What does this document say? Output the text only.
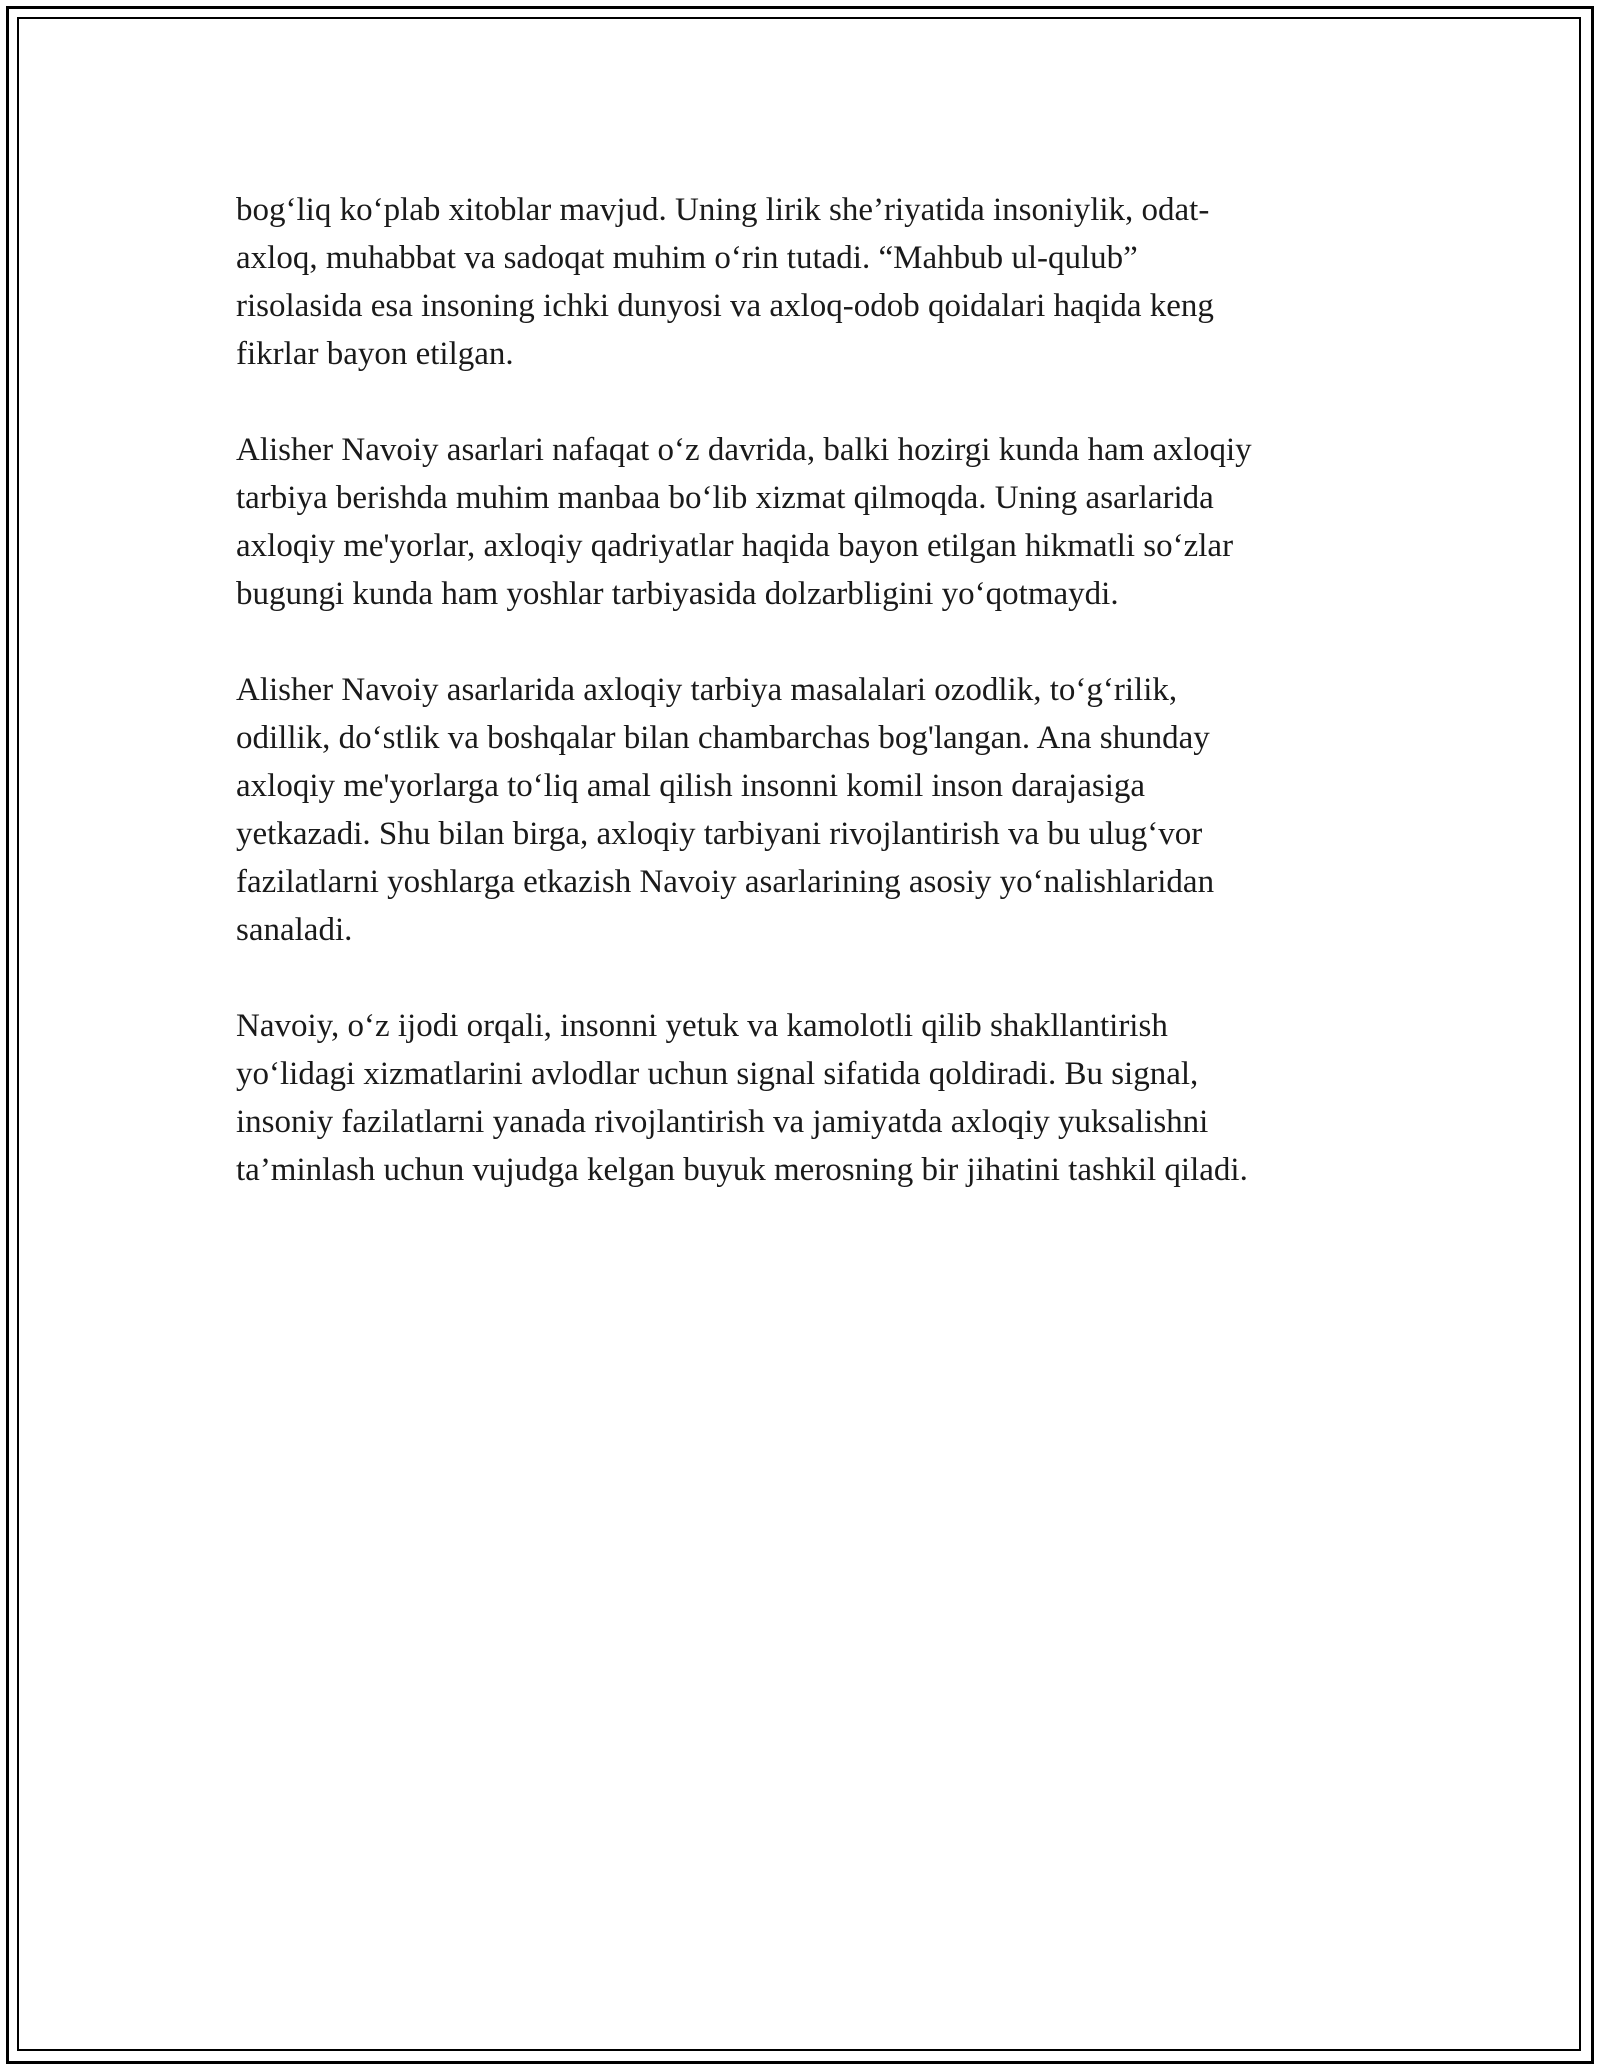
bog‘liq ko‘plab xitoblar mavjud. Uning lirik she’riyatida insoniylik, odat-
axloq, muhabbat va sadoqat muhim o‘rin tutadi. “Mahbub ul-qulub”
risolasida esa insoning ichki dunyosi va axloq-odob qoidalari haqida keng
fikrlar bayon etilgan.

Alisher Navoiy asarlari nafaqat o‘z davrida, balki hozirgi kunda ham axloqiy
tarbiya berishda muhim manbaa bo‘lib xizmat qilmoqda. Uning asarlarida
axloqiy me'yorlar, axloqiy qadriyatlar haqida bayon etilgan hikmatli so‘zlar
bugungi kunda ham yoshlar tarbiyasida dolzarbligini yo‘qotmaydi.

Alisher Navoiy asarlarida axloqiy tarbiya masalalari ozodlik, to‘g‘rilik,
odillik, do‘stlik va boshqalar bilan chambarchas bog'langan. Ana shunday
axloqiy me'yorlarga to‘liq amal qilish insonni komil inson darajasiga
yetkazadi. Shu bilan birga, axloqiy tarbiyani rivojlantirish va bu ulug‘vor
fazilatlarni yoshlarga etkazish Navoiy asarlarining asosiy yo‘nalishlaridan
sanaladi.

Navoiy, o‘z ijodi orqali, insonni yetuk va kamolotli qilib shakllantirish
yo‘lidagi xizmatlarini avlodlar uchun signal sifatida qoldiradi. Bu signal,
insoniy fazilatlarni yanada rivojlantirish va jamiyatda axloqiy yuksalishni
ta’minlash uchun vujudga kelgan buyuk merosning bir jihatini tashkil qiladi.
